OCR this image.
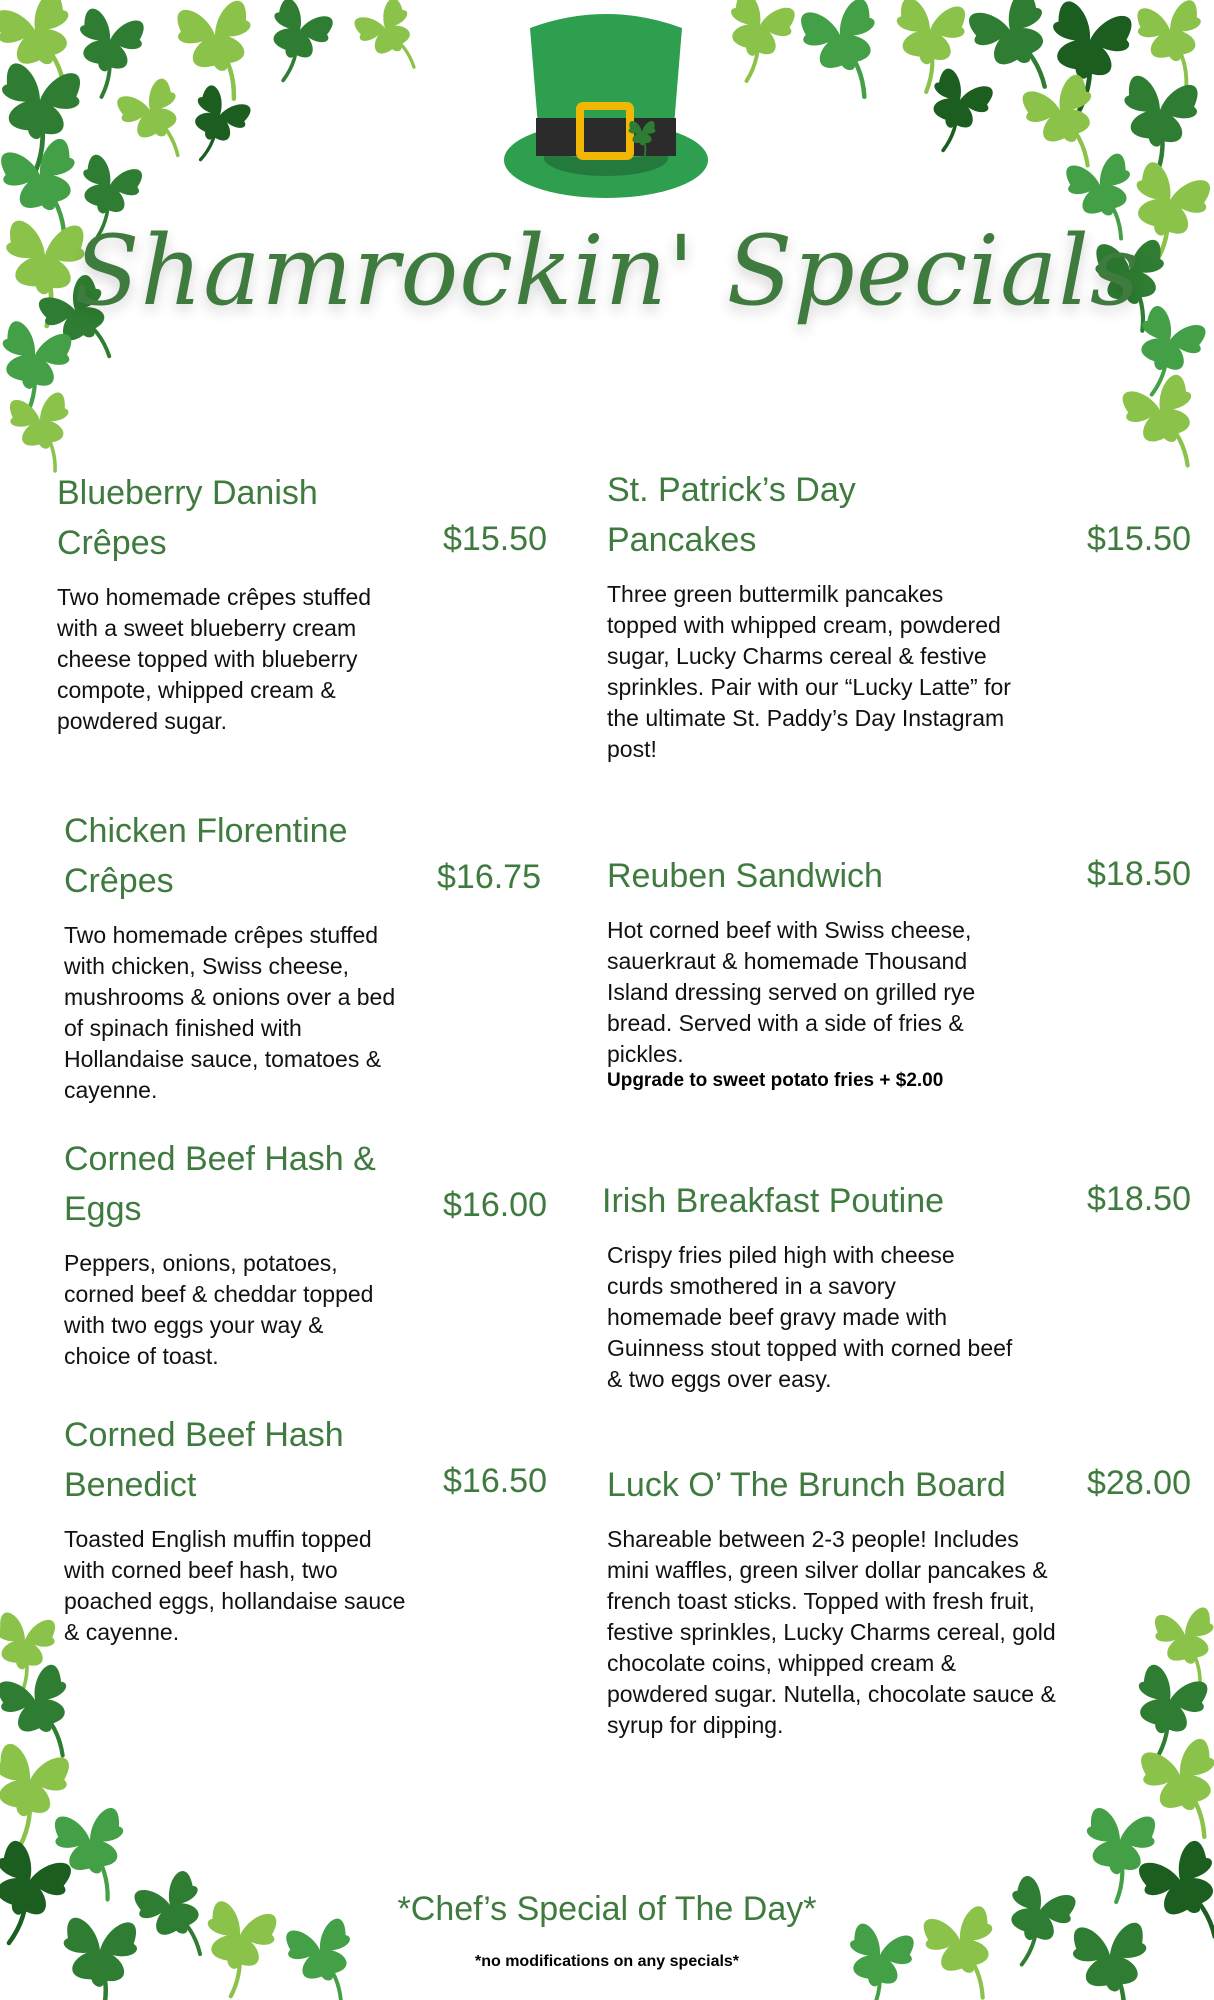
Shamrockin' Specials
Blueberry Danish Crêpes	$15.50
Two homemade crêpes stuffed with a sweet blueberry cream cheese topped with blueberry compote, whipped cream & powdered sugar.
Chicken Florentine Crêpes	$16.75
Two homemade crêpes stuffed with chicken, Swiss cheese, mushrooms & onions over a bed of spinach finished with Hollandaise sauce, tomatoes & cayenne.
Corned Beef Hash & Eggs	$16.00
Peppers, onions, potatoes, corned beef & cheddar topped with two eggs your way & choice of toast.
Corned Beef Hash Benedict	$16.50
Toasted English muffin topped with corned beef hash, two poached eggs, hollandaise sauce & cayenne.
St. Patrick’s Day Pancakes	$15.50
Three green buttermilk pancakes topped with whipped cream, powdered sugar, Lucky Charms cereal & festive sprinkles. Pair with our “Lucky Latte” for the ultimate St. Paddy’s Day Instagram post!
Reuben Sandwich	$18.50
Hot corned beef with Swiss cheese, sauerkraut & homemade Thousand Island dressing served on grilled rye bread. Served with a side of fries & pickles.
Upgrade to sweet potato fries + $2.00
Irish Breakfast Poutine	$18.50
Crispy fries piled high with cheese curds smothered in a savory homemade beef gravy made with Guinness stout topped with corned beef & two eggs over easy.
Luck O’ The Brunch Board	$28.00
Shareable between 2-3 people! Includes mini waffles, green silver dollar pancakes & french toast sticks. Topped with fresh fruit, festive sprinkles, Lucky Charms cereal, gold chocolate coins, whipped cream & powdered sugar. Nutella, chocolate sauce & syrup for dipping.
*Chef’s Special of The Day*
*no modifications on any specials*
